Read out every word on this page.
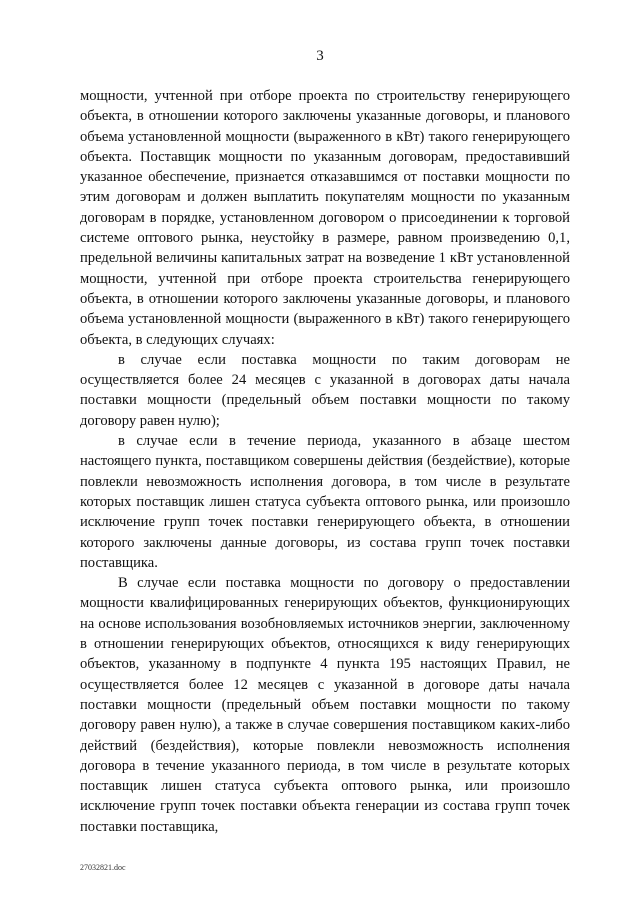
3

мощности, учтенной при отборе проекта по строительству генерирующего объекта, в отношении которого заключены указанные договоры, и планового объема установленной мощности (выраженного в кВт) такого генерирующего объекта. Поставщик мощности по указанным договорам, предоставивший указанное обеспечение, признается отказавшимся от поставки мощности по этим договорам и должен выплатить покупателям мощности по указанным договорам в порядке, установленном договором о присоединении к торговой системе оптового рынка, неустойку в размере, равном произведению 0,1, предельной величины капитальных затрат на возведение 1 кВт установленной мощности, учтенной при отборе проекта строительства генерирующего объекта, в отношении которого заключены указанные договоры, и планового объема установленной мощности (выраженного в кВт) такого генерирующего объекта, в следующих случаях:

в случае если поставка мощности по таким договорам не осуществляется более 24 месяцев с указанной в договорах даты начала поставки мощности (предельный объем поставки мощности по такому договору равен нулю);

в случае если в течение периода, указанного в абзаце шестом настоящего пункта, поставщиком совершены действия (бездействие), которые повлекли невозможность исполнения договора, в том числе в результате которых поставщик лишен статуса субъекта оптового рынка, или произошло исключение групп точек поставки генерирующего объекта, в отношении которого заключены данные договоры, из состава групп точек поставки поставщика.

В случае если поставка мощности по договору о предоставлении мощности квалифицированных генерирующих объектов, функционирующих на основе использования возобновляемых источников энергии, заключенному в отношении генерирующих объектов, относящихся к виду генерирующих объектов, указанному в подпункте 4 пункта 195 настоящих Правил, не осуществляется более 12 месяцев с указанной в договоре даты начала поставки мощности (предельный объем поставки мощности по такому договору равен нулю), а также в случае совершения поставщиком каких-либо действий (бездействия), которые повлекли невозможность исполнения договора в течение указанного периода, в том числе в результате которых поставщик лишен статуса субъекта оптового рынка, или произошло исключение групп точек поставки объекта генерации из состава групп точек поставки поставщика,

27032821.doc
